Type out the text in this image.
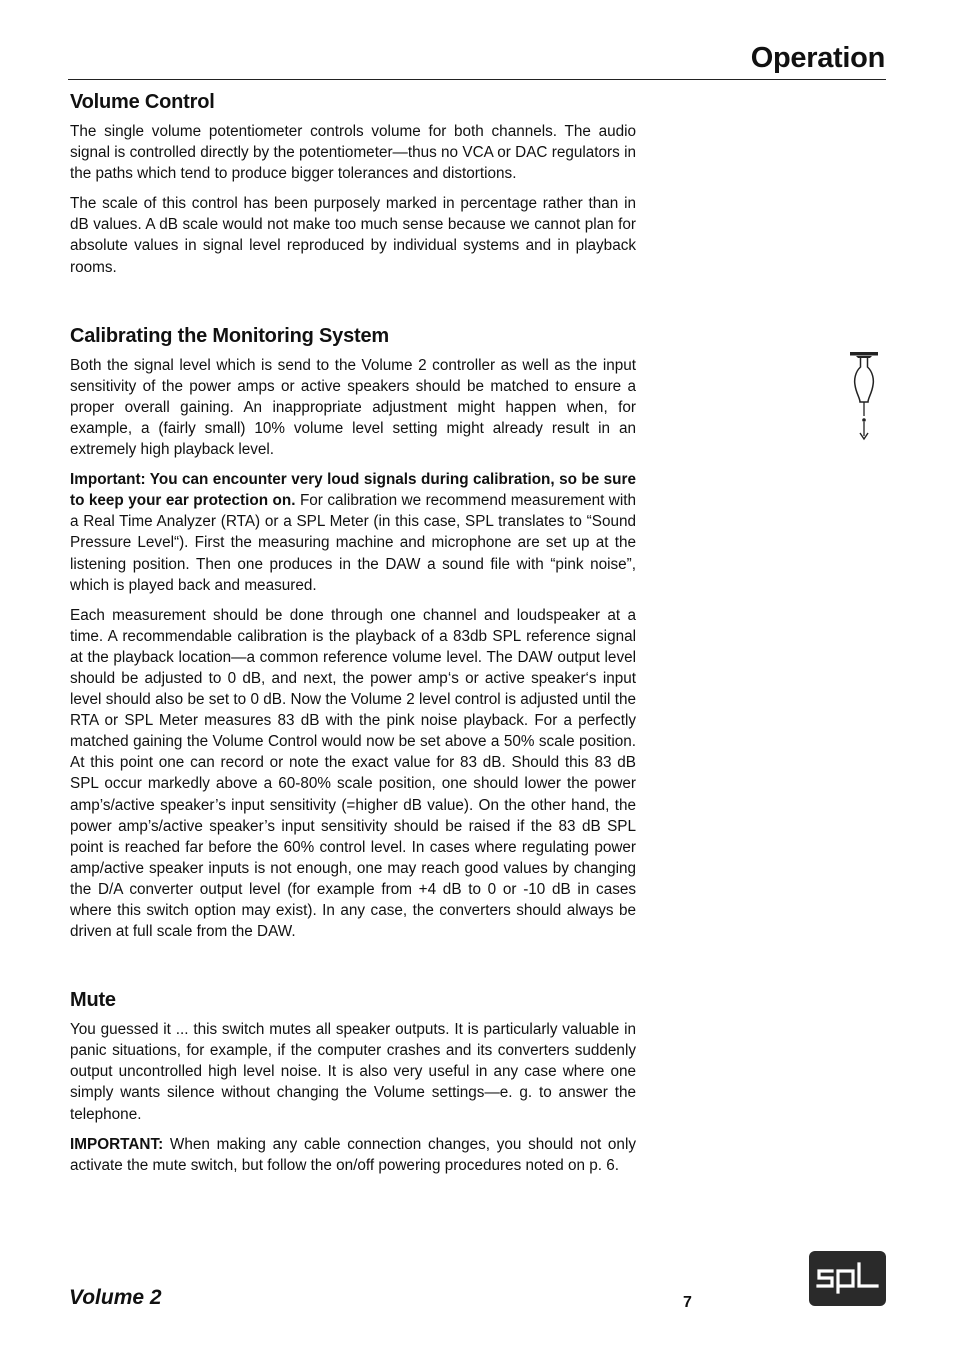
Operation
Volume Control

The single volume potentiometer controls volume for both channels. The audio signal is controlled directly by the potentiometer—thus no VCA or DAC regulators in the paths which tend to produce bigger tolerances and distortions.

The scale of this control has been purposely marked in percentage rather than in dB values. A dB scale would not make too much sense because we cannot plan for absolute values in signal level reproduced by individual systems and in playback rooms.

Calibrating the Monitoring System

Both the signal level which is send to the Volume 2 controller as well as the input sensitivity of the power amps or active speakers should be matched to ensure a proper overall gaining. An inappropriate adjustment might happen when, for example, a (fairly small) 10% volume level setting might already result in an extremely high playback level.

Important: You can encounter very loud signals during calibration, so be sure to keep your ear protection on. For calibration we recommend measurement with a Real Time Analyzer (RTA) or a SPL Meter (in this case, SPL translates to “Sound Pressure Level“). First the measuring machine and microphone are set up at the listening position. Then one produces in the DAW a sound file with “pink noise”, which is played back and measured.

Each measurement should be done through one channel and loudspeaker at a time. A recommendable calibration is the playback of a 83db SPL reference signal at the playback location—a common reference volume level. The DAW output level should be adjusted to 0 dB, and next, the power amp‘s or active speaker‘s input level should also be set to 0 dB. Now the Volume 2 level control is adjusted until the RTA or SPL Meter measures 83 dB with the pink noise playback. For a perfectly matched gaining the Volume Control would now be set above a 50% scale position. At this point one can record or note the exact value for 83 dB. Should this 83 dB SPL occur markedly above a 60-80% scale position, one should lower the power amp’s/active speaker’s input sensitivity (=higher dB value). On the other hand, the power amp’s/active speaker’s input sensitivity should be raised if the 83 dB SPL point is reached far before the 60% control level. In cases where regulating power amp/active speaker inputs is not enough, one may reach good values by changing the D/A converter output level (for example from +4 dB to 0 or -10 dB in cases where this switch option may exist). In any case, the converters should always be driven at full scale from the DAW.

Mute

You guessed it ... this switch mutes all speaker outputs. It is particularly valuable in panic situations, for example, if the computer crashes and its converters suddenly output uncontrolled high level noise. It is also very useful in any case where one simply wants silence without changing the Volume settings—e. g. to answer the telephone.

IMPORTANT: When making any cable connection changes, you should not only activate the mute switch, but follow the on/off powering procedures noted on p. 6.

Volume 2	7
